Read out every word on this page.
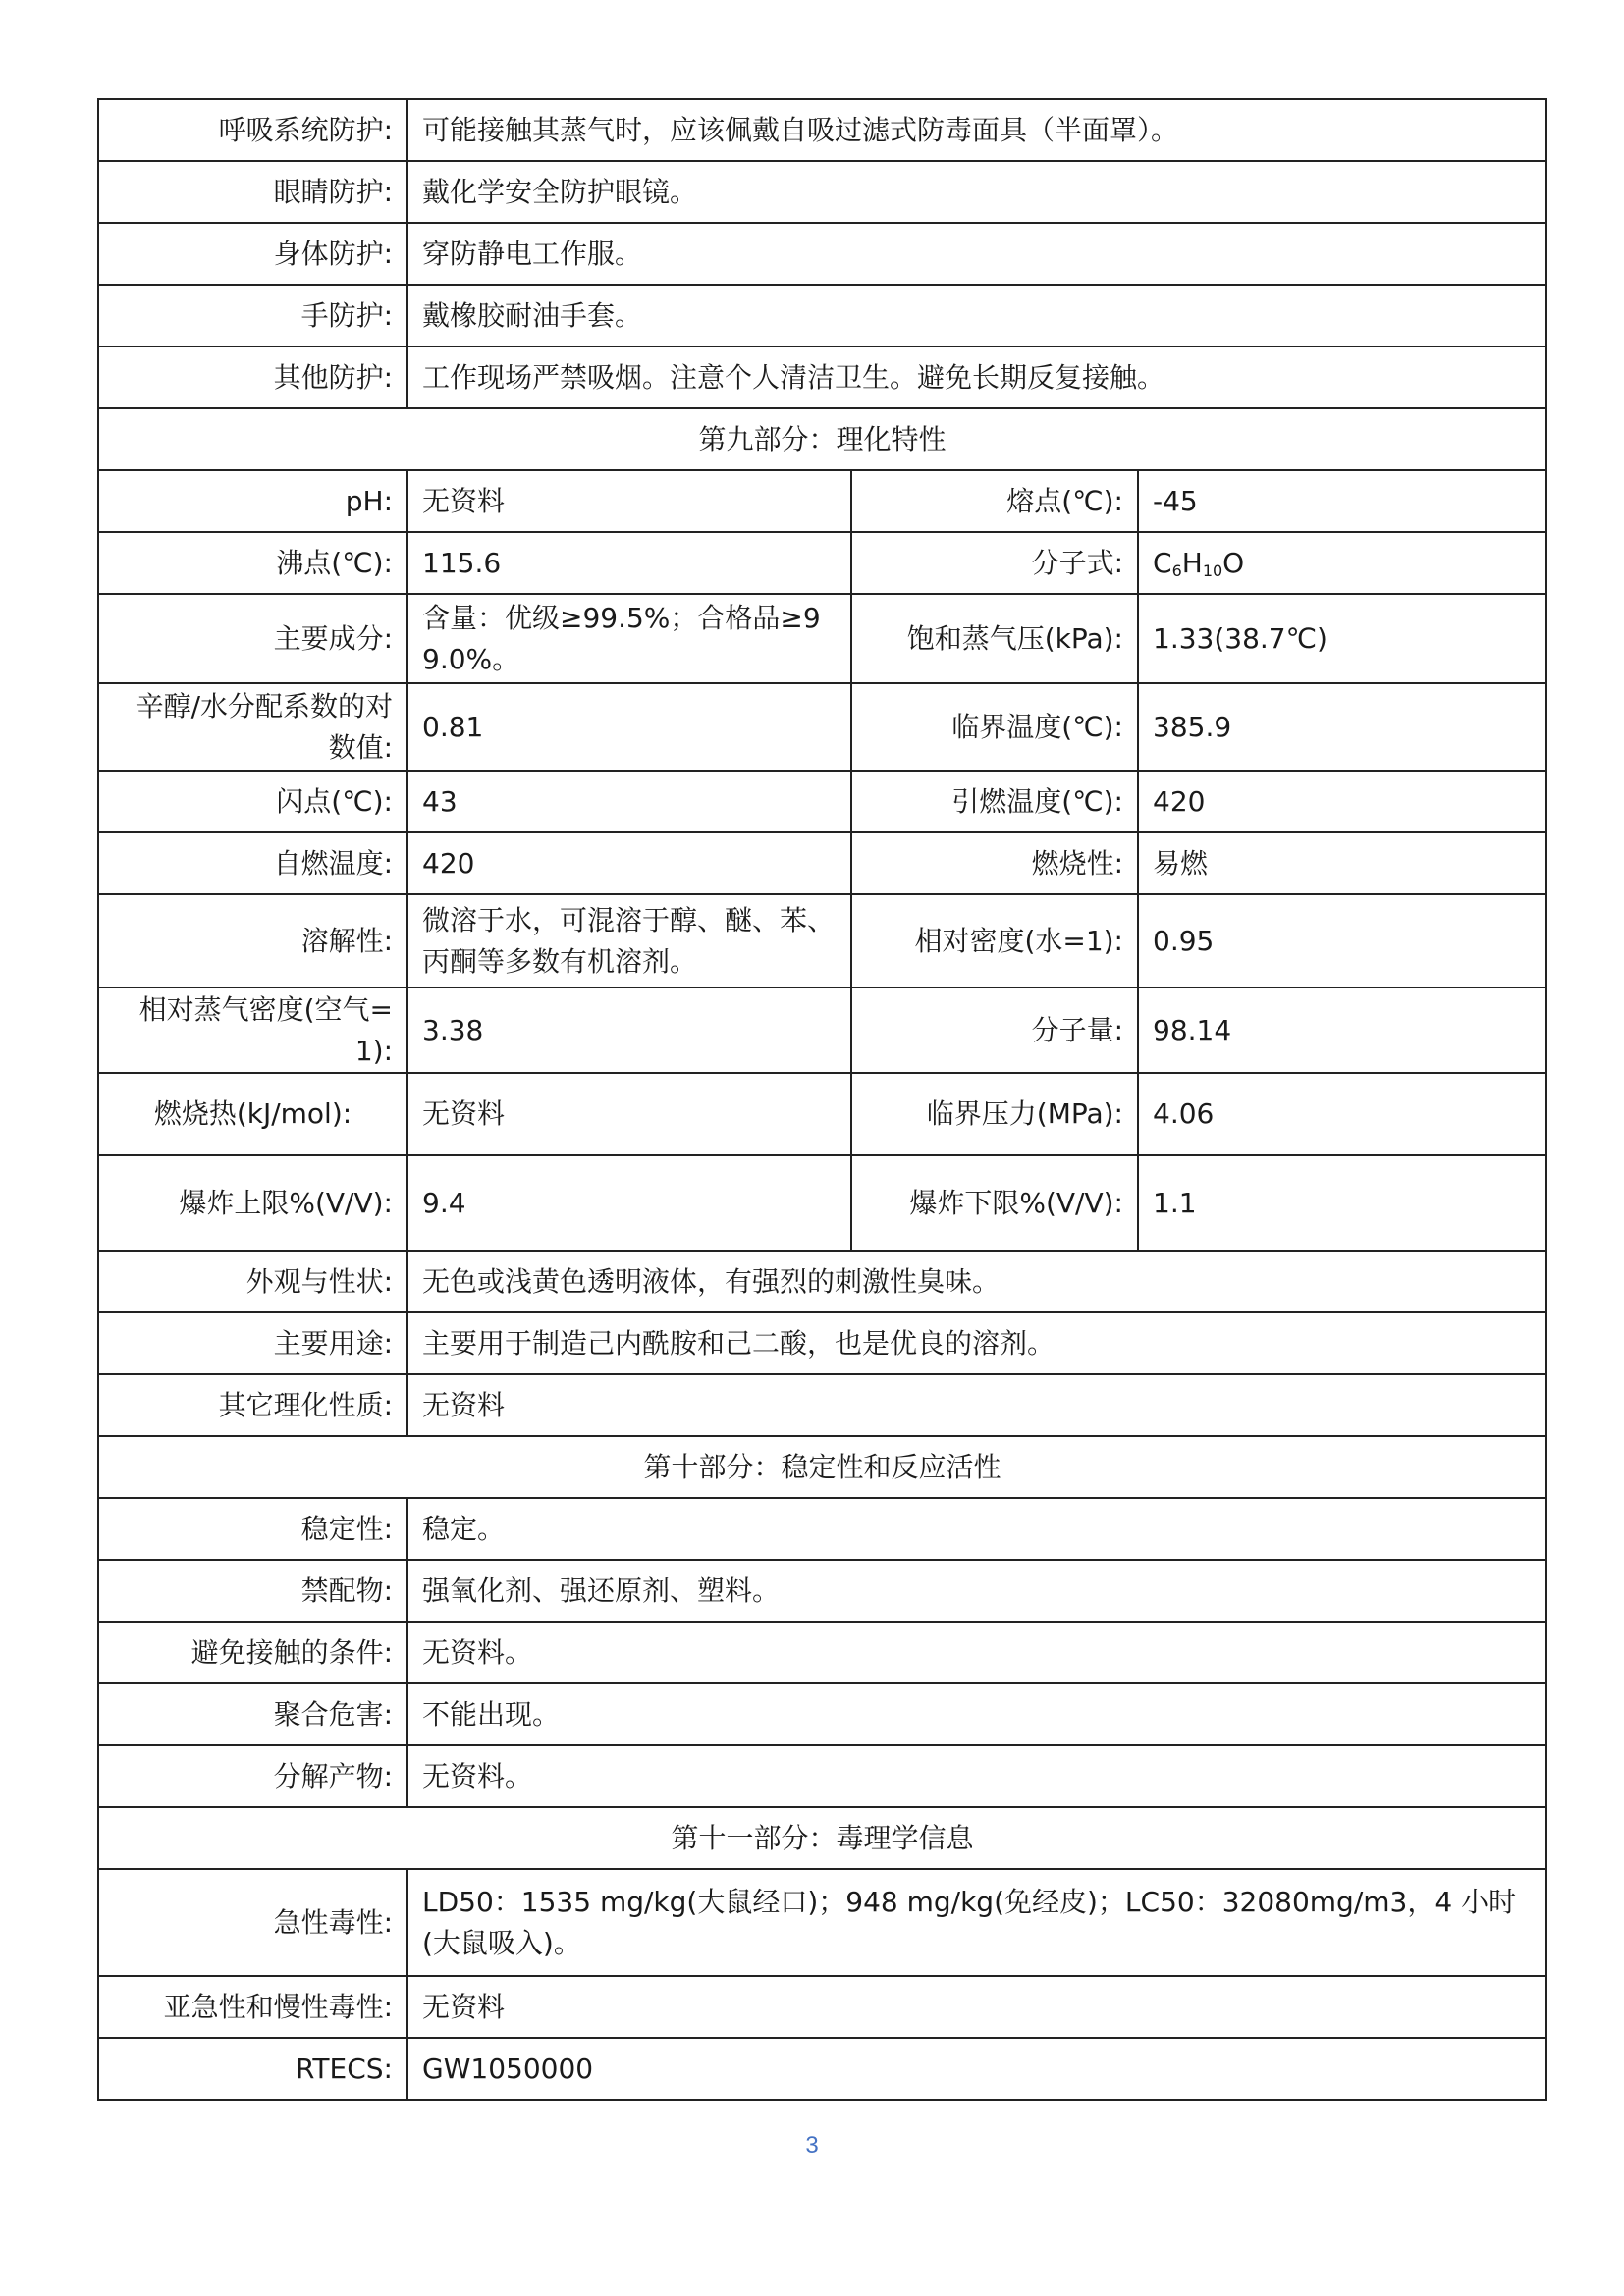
呼吸系统防护:	可能接触其蒸气时，应该佩戴自吸过滤式防毒面具（半面罩）。		
眼睛防护:	戴化学安全防护眼镜。		
身体防护:	穿防静电工作服。		
手防护:	戴橡胶耐油手套。		
其他防护:	工作现场严禁吸烟。注意个人清洁卫生。避免长期反复接触。		
第九部分：理化特性			
pH:	无资料	熔点(℃):	-45
沸点(℃):	115.6	分子式:	$C_6H_{10}O$
主要成分:	含量：优级≥99.5%；合格品≥99.0%。	饱和蒸气压(kPa):	1.33(38.7℃)
辛醇/水分配系数的对数值:	0.81	临界温度(℃):	385.9
闪点(℃):	43	引燃温度(℃):	420
自燃温度:	420	燃烧性:	易燃
溶解性:	微溶于水，可混溶于醇、醚、苯、丙酮等多数有机溶剂。	相对密度(水=1):	0.95
相对蒸气密度(空气=1):	3.38	分子量:	98.14
燃烧热(kJ/mol):	无资料	临界压力(MPa):	4.06
爆炸上限%(V/V):	9.4	爆炸下限%(V/V):	1.1
外观与性状:	无色或浅黄色透明液体，有强烈的刺激性臭味。		
主要用途:	主要用于制造己内酰胺和己二酸，也是优良的溶剂。		
其它理化性质:	无资料		
第十部分：稳定性和反应活性			
稳定性:	稳定。		
禁配物:	强氧化剂、强还原剂、塑料。		
避免接触的条件:	无资料。		
聚合危害:	不能出现。		
分解产物:	无资料。		
第十一部分：毒理学信息			
急性毒性:	LD50：1535 mg/kg(大鼠经口)；948 mg/kg(免经皮)；LC50：32080mg/m3，4 小时(大鼠吸入)。		
亚急性和慢性毒性:	无资料		
RTECS:	GW1050000		
3
